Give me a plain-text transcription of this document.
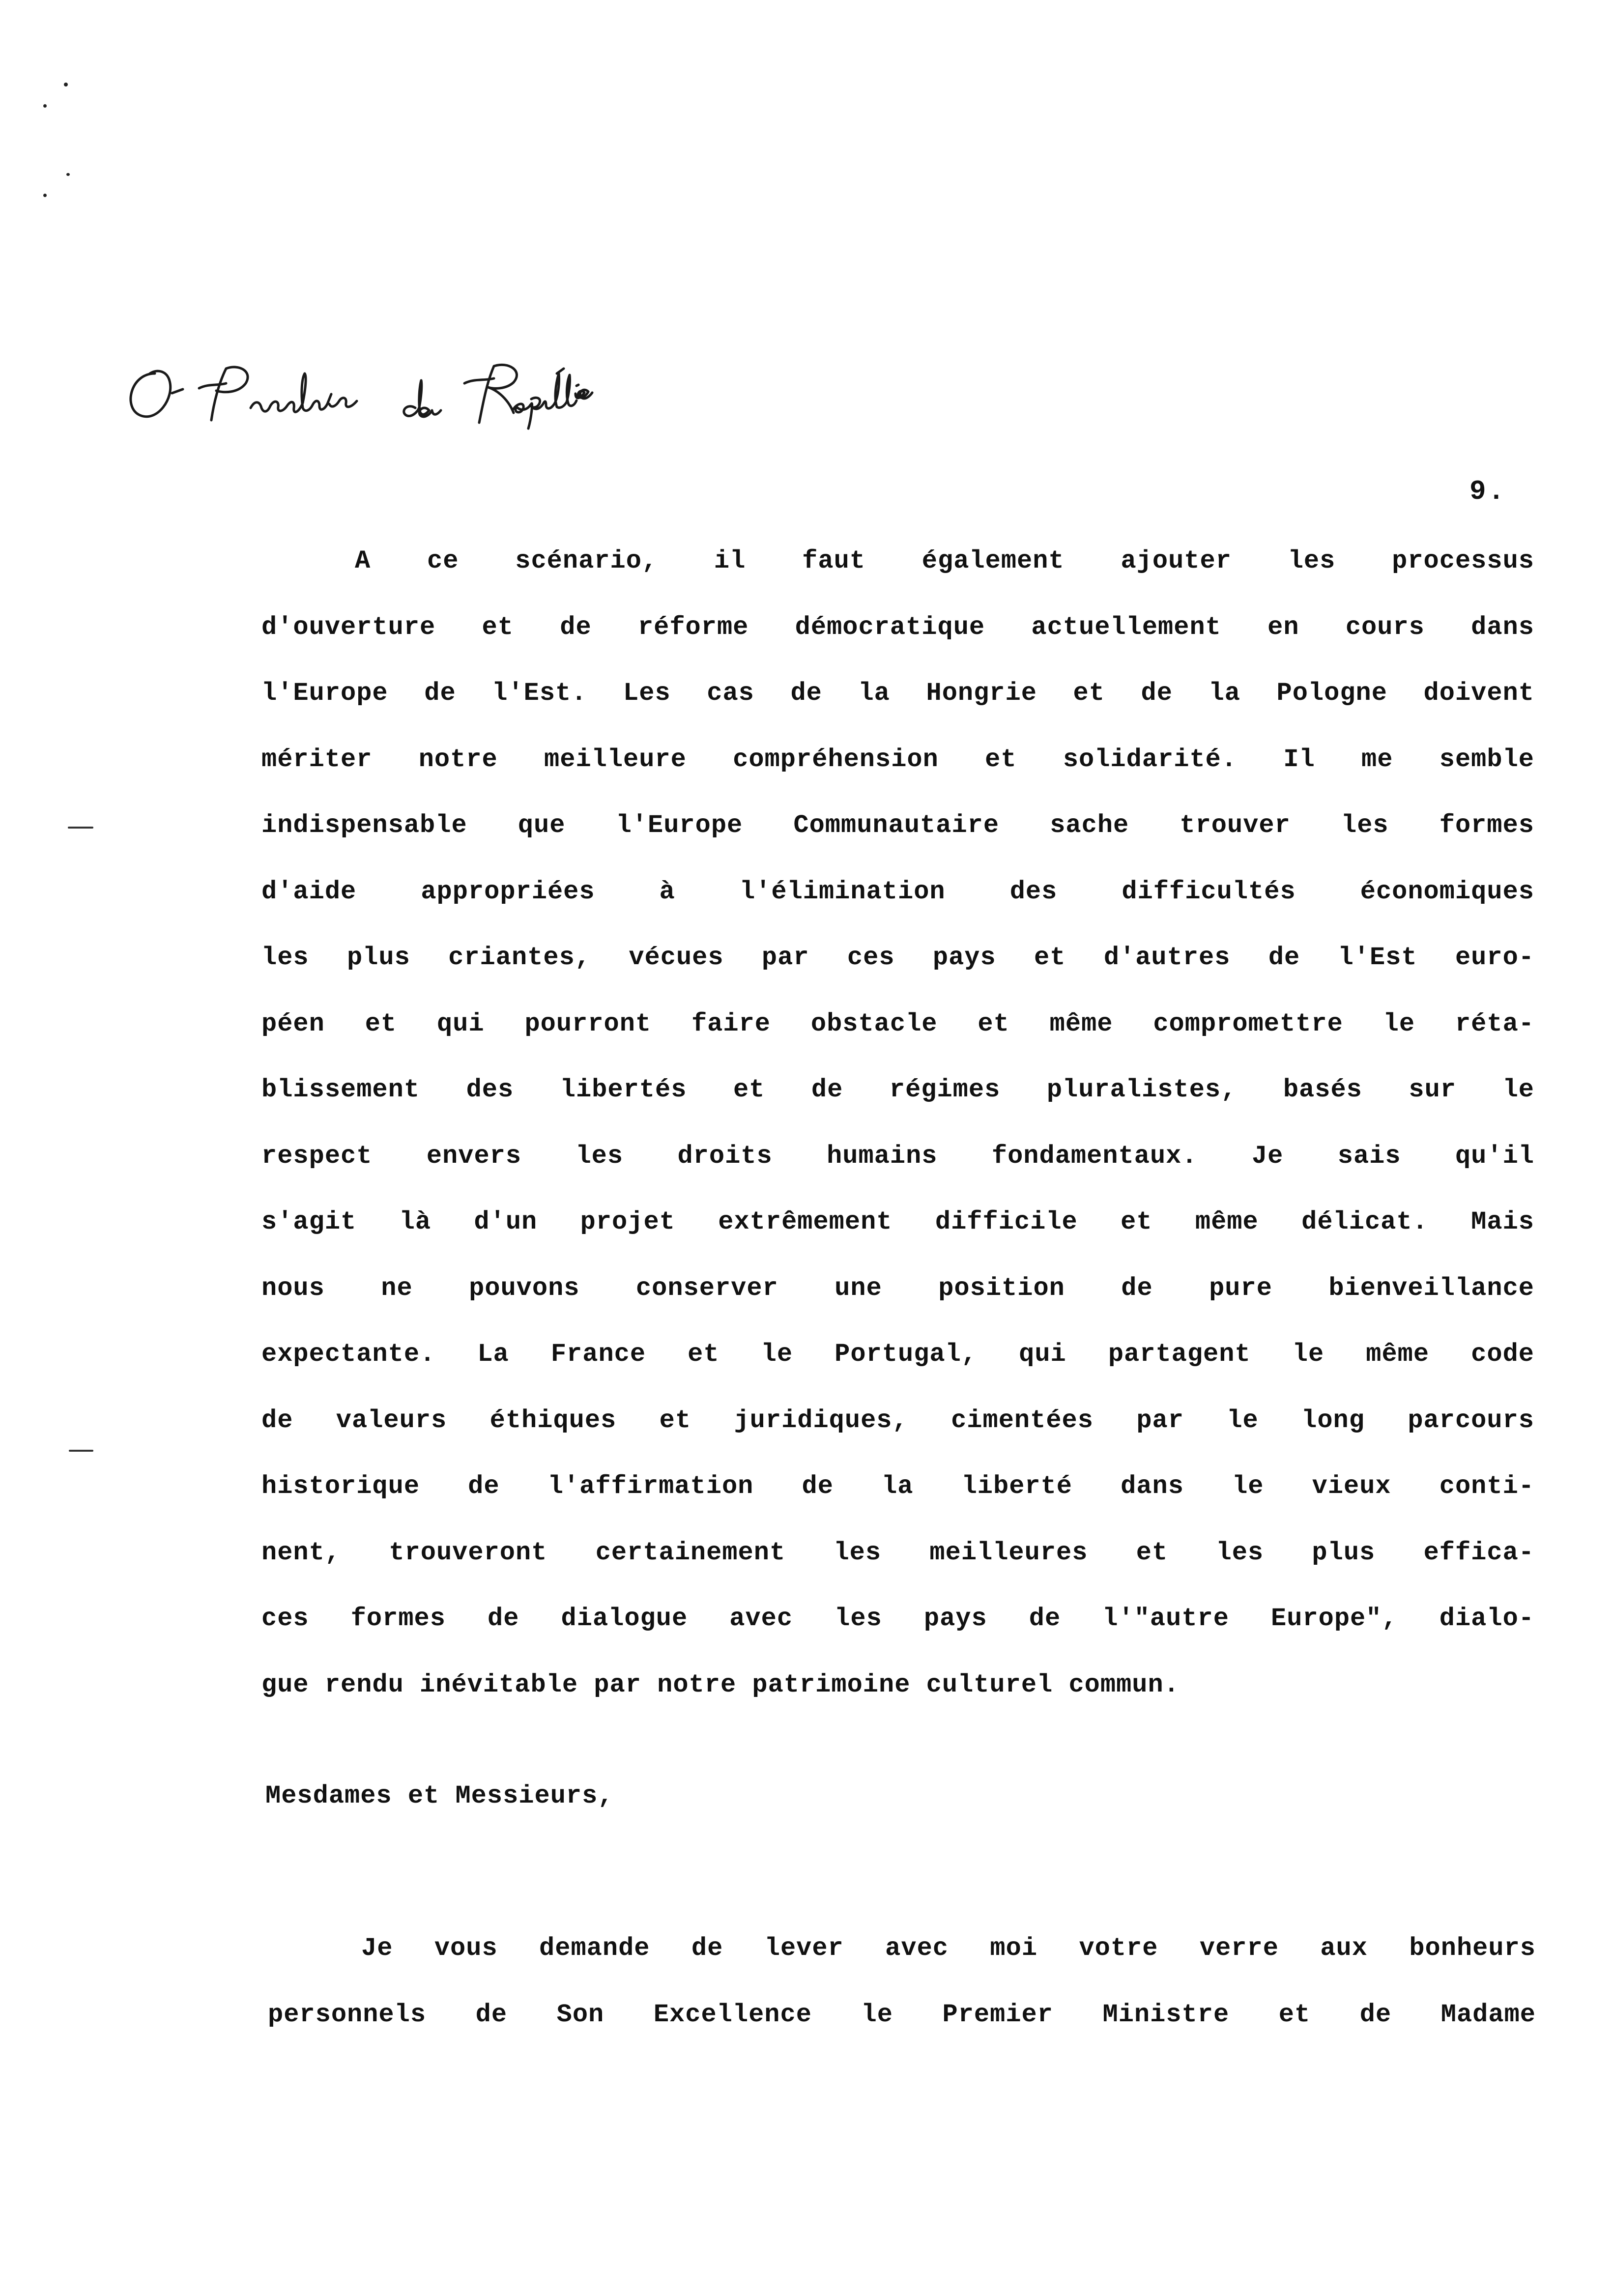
9.
A ce scénario, il faut également ajouter les processus
d'ouverture et de réforme démocratique actuellement en cours dans
l'Europe de l'Est. Les cas de la Hongrie et de la Pologne doivent
mériter notre meilleure compréhension et solidarité. Il me semble
indispensable que l'Europe Communautaire sache trouver les formes
d'aide appropriées à l'élimination des difficultés économiques
les plus criantes, vécues par ces pays et d'autres de l'Est euro-
péen et qui pourront faire obstacle et même compromettre le réta-
blissement des libertés et de régimes pluralistes, basés sur le
respect envers les droits humains fondamentaux. Je sais qu'il
s'agit là d'un projet extrêmement difficile et même délicat. Mais
nous ne pouvons conserver une position de pure bienveillance
expectante. La France et le Portugal, qui partagent le même code
de valeurs éthiques et juridiques, cimentées par le long parcours
historique de l'affirmation de la liberté dans le vieux conti-
nent, trouveront certainement les meilleures et les plus effica-
ces formes de dialogue avec les pays de l'"autre Europe", dialo-
gue rendu inévitable par notre patrimoine culturel commun.
Mesdames et Messieurs,
Je vous demande de lever avec moi votre verre aux bonheurs
personnels de Son Excellence le Premier Ministre et de Madame
